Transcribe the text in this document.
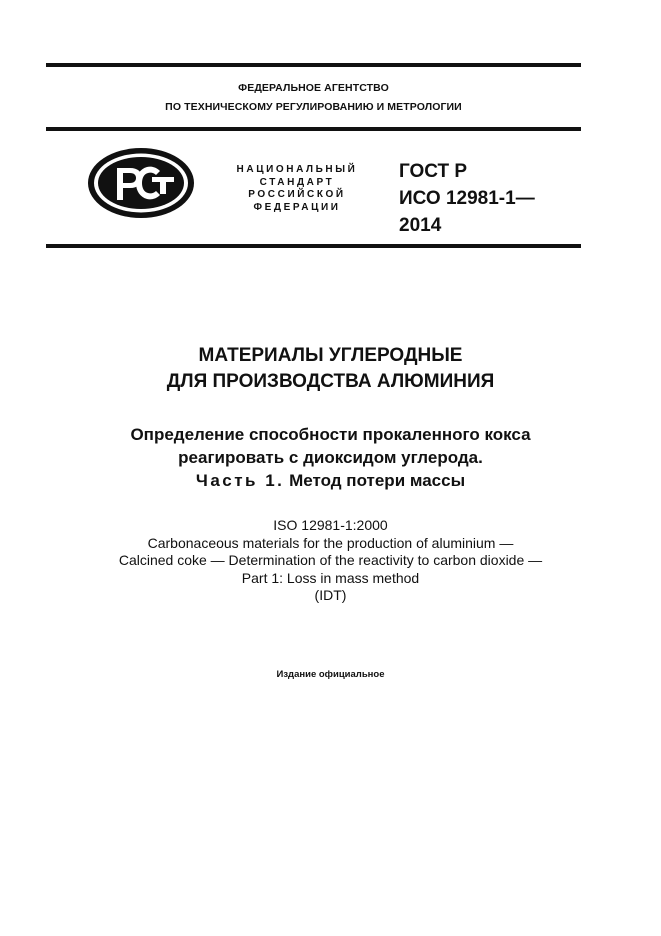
ФЕДЕРАЛЬНОЕ АГЕНТСТВО
ПО ТЕХНИЧЕСКОМУ РЕГУЛИРОВАНИЮ И МЕТРОЛОГИИ
НАЦИОНАЛЬНЫЙ
СТАНДАРТ
РОССИЙСКОЙ
ФЕДЕРАЦИИ
ГОСТ Р
ИСО 12981-1—
2014
МАТЕРИАЛЫ УГЛЕРОДНЫЕ
ДЛЯ ПРОИЗВОДСТВА АЛЮМИНИЯ
Определение способности прокаленного кокса
реагировать с диоксидом углерода.
Часть 1. Метод потери массы
ISO 12981-1:2000
Carbonaceous materials for the production of aluminium —
Calcined coke — Determination of the reactivity to carbon dioxide —
Part 1: Loss in mass method
(IDT)
Издание официальное
